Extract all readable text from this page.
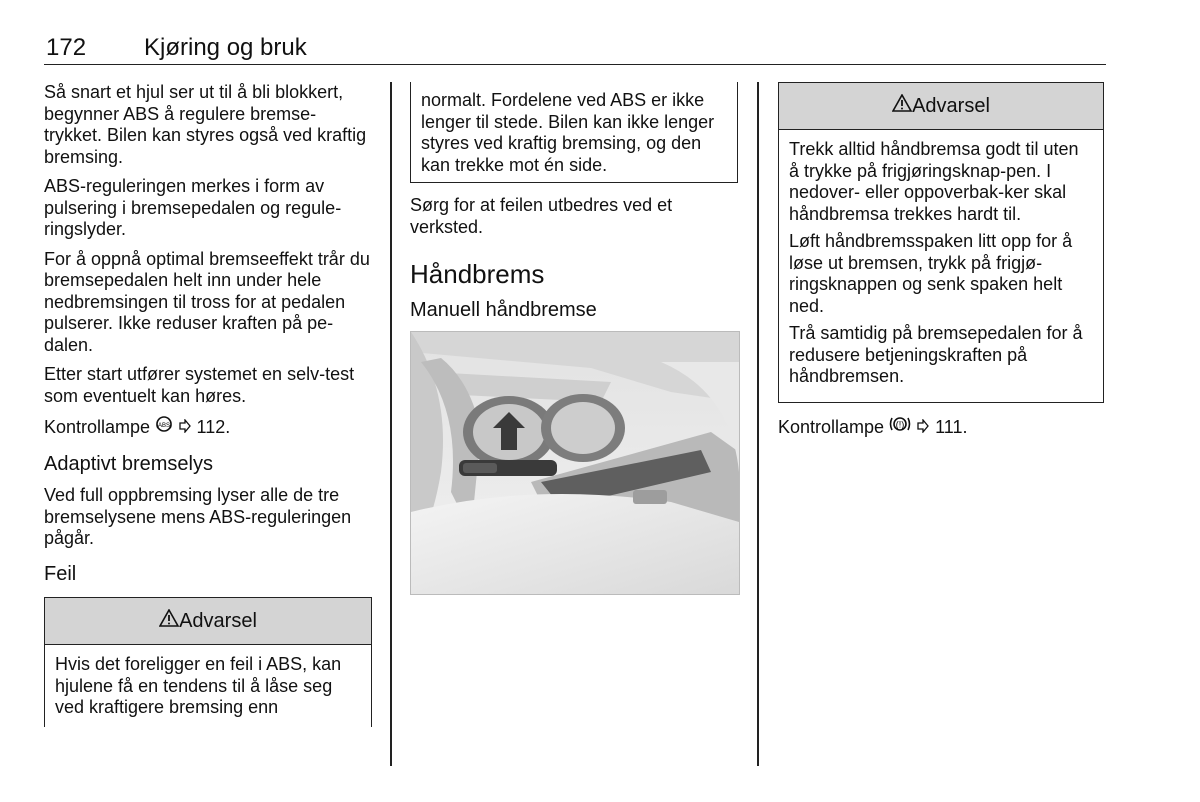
172 Kjøring og bruk

Så snart et hjul ser ut til å bli blokkert, begynner ABS å regulere bremse-trykket. Bilen kan styres også ved kraftig bremsing.

ABS-reguleringen merkes i form av pulsering i bremsepedalen og regule-ringslyder.

For å oppnå optimal bremseeffekt trår du bremsepedalen helt inn under hele nedbremsingen til tross for at pedalen pulserer. Ikke reduser kraften på pe-dalen.

Etter start utfører systemet en selv-test som eventuelt kan høres.

Kontrollampe (ABS) 112.

Adaptivt bremselys

Ved full oppbremsing lyser alle de tre bremselysene mens ABS-reguleringen pågår.

Feil
Advarsel
Hvis det foreligger en feil i ABS, kan hjulene få en tendens til å låse seg ved kraftigere bremsing enn
normalt. Fordelene ved ABS er ikke lenger til stede. Bilen kan ikke lenger styres ved kraftig bremsing, og den kan trekke mot én side.

Sørg for at feilen utbedres ved et verksted.

Håndbrems
Manuell håndbremse
Advarsel

Trekk alltid håndbremsa godt til uten å trykke på frigjøringsknap-pen. I nedover- eller oppoverbak-ker skal håndbremsa trekkes hardt til.

Løft håndbremsspaken litt opp for å løse ut bremsen, trykk på frigjø-ringsknappen og senk spaken helt ned.

Trå samtidig på bremsepedalen for å redusere betjeningskraften på håndbremsen.

Kontrollampe (!) 111.
